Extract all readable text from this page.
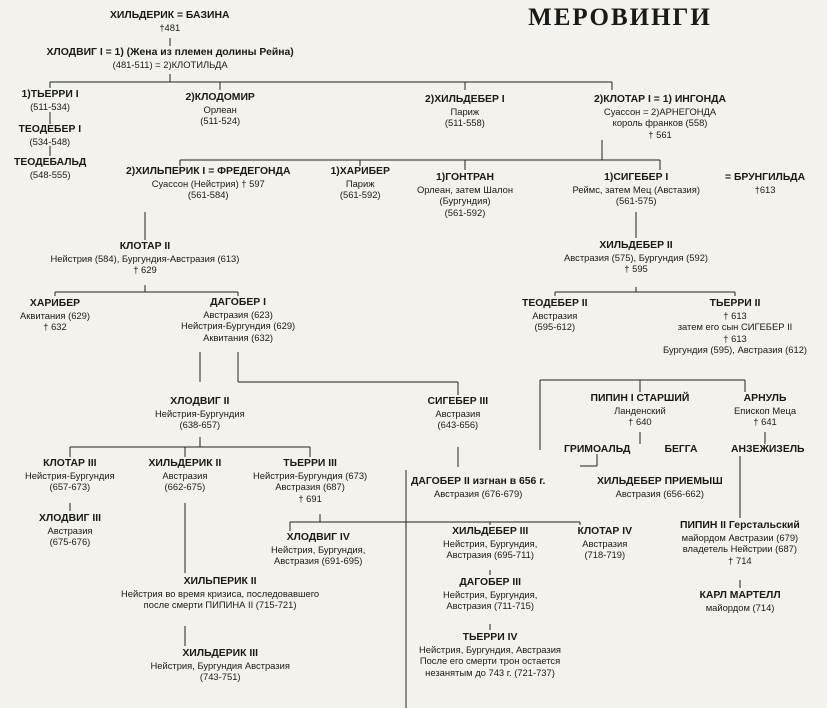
МЕРОВИНГИ
ХИЛЬДЕРИК = БАЗИНА
†481
ХЛОДВИГ I = 1) (Жена из племен долины Рейна)
(481-511) = 2)КЛОТИЛЬДА
1)ТЬЕРРИ I
(511-534)
ТЕОДЕБЕР I
(534-548)
ТЕОДЕБАЛЬД
(548-555)
2)КЛОДОМИР
Орлеан
(511-524)
2)ХИЛЬДЕБЕР I
Париж
(511-558)
2)КЛОТАР I = 1) ИНГОНДА
Суассон = 2)АРНЕГОНДА
король франков (558)
† 561
2)ХИЛЬПЕРИК I = ФРЕДЕГОНДА
Суассон (Нейстрия) † 597
(561-584)
1)ХАРИБЕР
Париж
(561-592)
1)ГОНТРАН
Орлеан, затем Шалон
(Бургундия)
(561-592)
1)СИГЕБЕР I
Реймс, затем Мец (Австазия)
(561-575)
= БРУНГИЛЬДА
†613
КЛОТАР II
Нейстрия (584), Бургундия-Австразия (613)
† 629
ХИЛЬДЕБЕР II
Австразия (575), Бургундия (592)
† 595
ХАРИБЕР
Аквитания (629)
† 632
ДАГОБЕР I
Австразия (623)
Нейстрия-Бургундия (629)
Аквитания (632)
ТЕОДЕБЕР II
Австразия
(595-612)
ТЬЕРРИ II
† 613
затем его сын СИГЕБЕР II
† 613
Бургундия (595), Австразия (612)
ХЛОДВИГ II
Нейстрия-Бургундия
(638-657)
СИГЕБЕР III
Австразия
(643-656)
ПИПИН I СТАРШИЙ
Ланденский
† 640
АРНУЛЬ
Епископ Меца
† 641
ГРИМОАЛЬД	БЕГГА	АНЗЕЖИЗЕЛЬ
КЛОТАР III
Нейстрия-Бургундия
(657-673)
ХИЛЬДЕРИК II
Австразия
(662-675)
ТЬЕРРИ III
Нейстрия-Бургундия (673)
Австразия (687)
† 691
ДАГОБЕР II изгнан в 656 г.
Австразия (676-679)
ХИЛЬДЕБЕР ПРИЕМЫШ
Австразия (656-662)
ХЛОДВИГ III
Австразия
(675-676)	ХЛОДВИГ IV
Нейстрия, Бургундия,
Австразия (691-695)
ХИЛЬДЕБЕР III
Нейстрия, Бургундия,
Австразия (695-711)
КЛОТАР IV
Австразия
(718-719)
ПИПИН II Герстальский
майордом Австразии (679)
владетель Нейстрии (687)
† 714
ДАГОБЕР III
Нейстрия, Бургундия,
Австразия (711-715)
КАРЛ МАРТЕЛЛ
майордом (714)
ХИЛЬПЕРИК II
Нейстрия во время кризиса, последовавшего
после смерти ПИПИНА II (715-721)
ТЬЕРРИ IV
Нейстрия, Бургундия, Австразия
После его смерти трон остается
незанятым до 743 г. (721-737)
ХИЛЬДЕРИК III
Нейстрия, Бургундия Австразия
(743-751)
